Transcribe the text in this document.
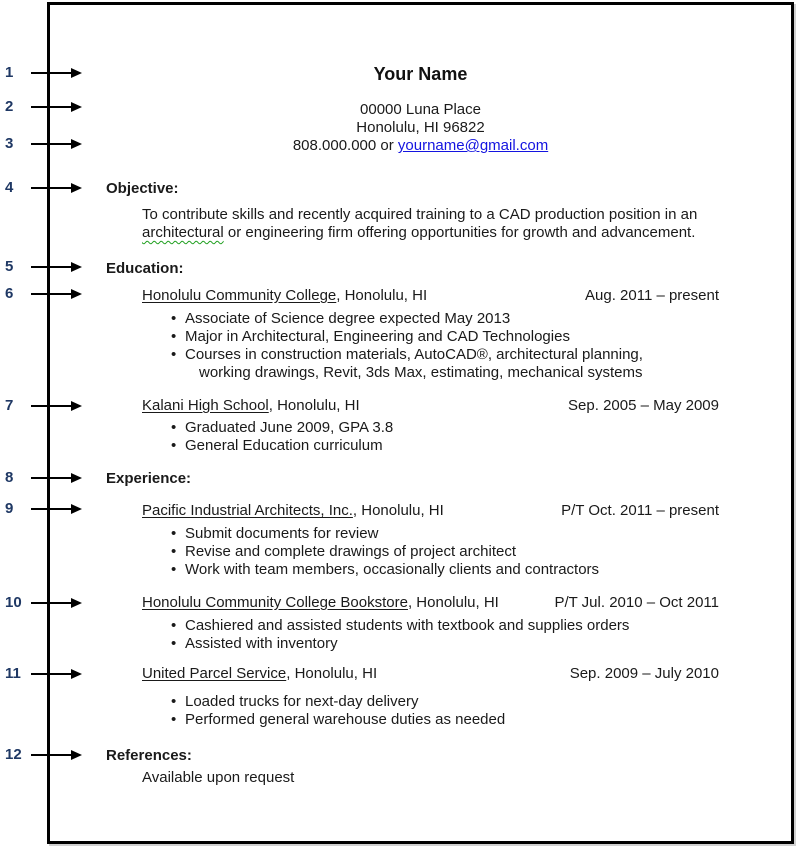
Your Name
00000 Luna Place
Honolulu, HI 96822
808.000.000 or yourname@gmail.com
Objective:
To contribute skills and recently acquired training to a CAD production position in an
architectural or engineering firm offering opportunities for growth and advancement.
Education:
Honolulu Community College, Honolulu, HI	Aug. 2011 – present
• Associate of Science degree expected May 2013
• Major in Architectural, Engineering and CAD Technologies
• Courses in construction materials, AutoCAD®, architectural planning,
working drawings, Revit, 3ds Max, estimating, mechanical systems
Kalani High School, Honolulu, HI	Sep. 2005 – May 2009
• Graduated June 2009, GPA 3.8
• General Education curriculum
Experience:
Pacific Industrial Architects, Inc., Honolulu, HI	P/T Oct. 2011 – present
• Submit documents for review
• Revise and complete drawings of project architect
• Work with team members, occasionally clients and contractors
Honolulu Community College Bookstore, Honolulu, HI	P/T Jul. 2010 – Oct 2011
• Cashiered and assisted students with textbook and supplies orders
• Assisted with inventory
United Parcel Service, Honolulu, HI	Sep. 2009 – July 2010
• Loaded trucks for next-day delivery
• Performed general warehouse duties as needed
References:
Available upon request
1
2
3
4
5
6
7
8
9
10
11
12
